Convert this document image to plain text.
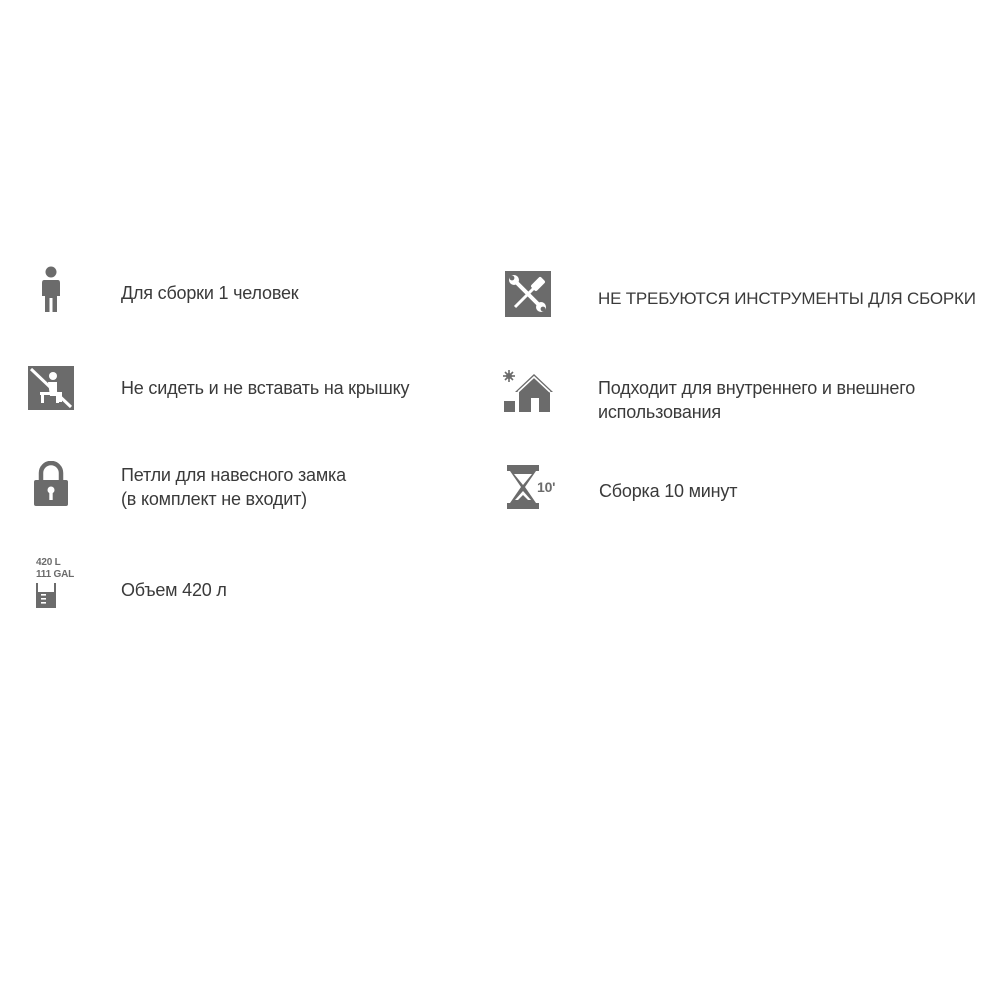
Для сборки 1 человек	НЕ ТРЕБУЮТСЯ ИНСТРУМЕНТЫ ДЛЯ СБОРКИ
Не сидеть и не вставать на крышку	Подходит для внутреннего и внешнего
использования
Петли для навесного замка
(в комплект не входит)
10' Сборка 10 минут
420 L
111 GAL
Объем 420 л
